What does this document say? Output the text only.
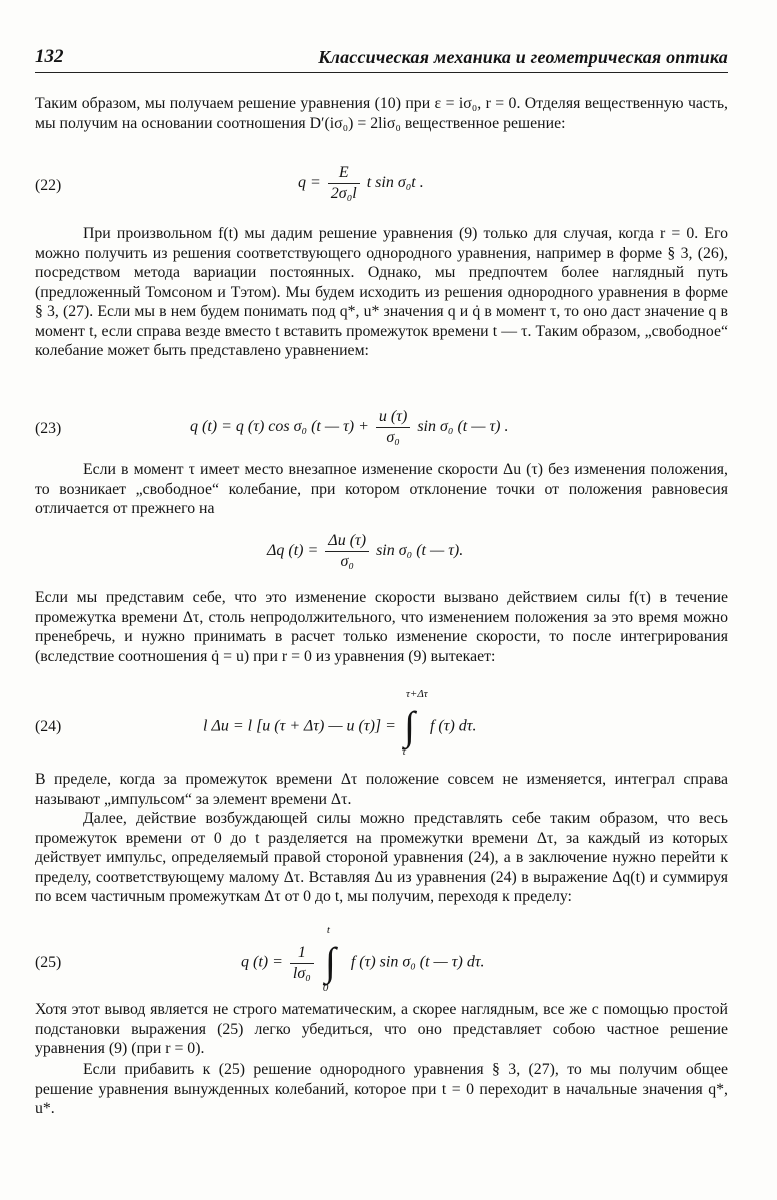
132	Классическая механика и геометрическая оптика

Таким образом, мы получаем решение уравнения (10) при ε = iσ₀, r = 0. Отделяя вещественную часть, мы получим на основании соотношения D′(iσ₀) = 2liσ₀ вещественное решение:

(22)	$q = \frac{E}{\text{2σ₀l}}$ t sin σ₀t .

При произвольном f(t) мы дадим решение уравнения (9) только для случая, когда r = 0. Его можно получить из решения соответствующего однородного уравнения, например в форме § 3, (26), посредством метода вариации постоянных. Однако, мы предпочтем более наглядный путь (предложенный Томсоном и Тэтом). Мы будем исходить из решения однородного уравнения в форме § 3, (27). Если мы в нем будем понимать под q*, u* значения q и q̇ в момент τ, то оно даст значение q в момент t, если справа везде вместо t вставить промежуток времени t — τ. Таким образом, „свободное“ колебание может быть представлено уравнением:

(23)	q (t) = q (τ) cos σ₀ (t — $\tau) + \frac{u (\tau)}{\text{σ₀}}$ sin σ₀ (t — τ) .

Если в момент τ имеет место внезапное изменение скорости Δu (τ) без изменения положения, то возникает „свободное“ колебание, при котором отклонение точки от положения равновесия отличается от прежнего на

Δq $(t) = \frac{\Delta u (\tau)}{\text{σ₀}}$ sin σ₀ (t — τ).

Если мы представим себе, что это изменение скорости вызвано действием силы f(τ) в течение промежутка времени Δτ, столь непродолжительного, что изменением положения за это время можно пренебречь, и нужно принимать в расчет только изменение скорости, то после интегрирования (вследствие соотношения q̇ = u) при r = 0 из уравнения (9) вытекает:

(24)	l Δu = l [u (τ + Δτ) — u (τ)] =
τ+Δτ
∫
τ
f (τ) dτ.

В пределе, когда за промежуток времени Δτ положение совсем не изменяется, интеграл справа называют „импульсом“ за элемент времени Δτ.

Далее, действие возбуждающей силы можно представлять себе таким образом, что весь промежуток времени от 0 до t разделяется на промежутки времени Δτ, за каждый из которых действует импульс, определяемый правой стороной уравнения (24), а в заключение нужно перейти к пределу, соответствующему малому Δτ. Вставляя Δu из уравнения (24) в выражение Δq(t) и суммируя по всем частичным промежуткам Δτ от 0 до t, мы получим, переходя к пределу:

(25)	q $(t) = \frac{1}{\text{lσ₀}}$

t
∫
0
f (τ) sin σ₀ (t — τ) dτ.

Хотя этот вывод является не строго математическим, а скорее наглядным, все же с помощью простой подстановки выражения (25) легко убедиться, что оно представляет собою частное решение уравнения (9) (при r = 0).

Если прибавить к (25) решение однородного уравнения § 3, (27), то мы получим общее решение уравнения вынужденных колебаний, которое при t = 0 переходит в начальные значения q*, u*.
